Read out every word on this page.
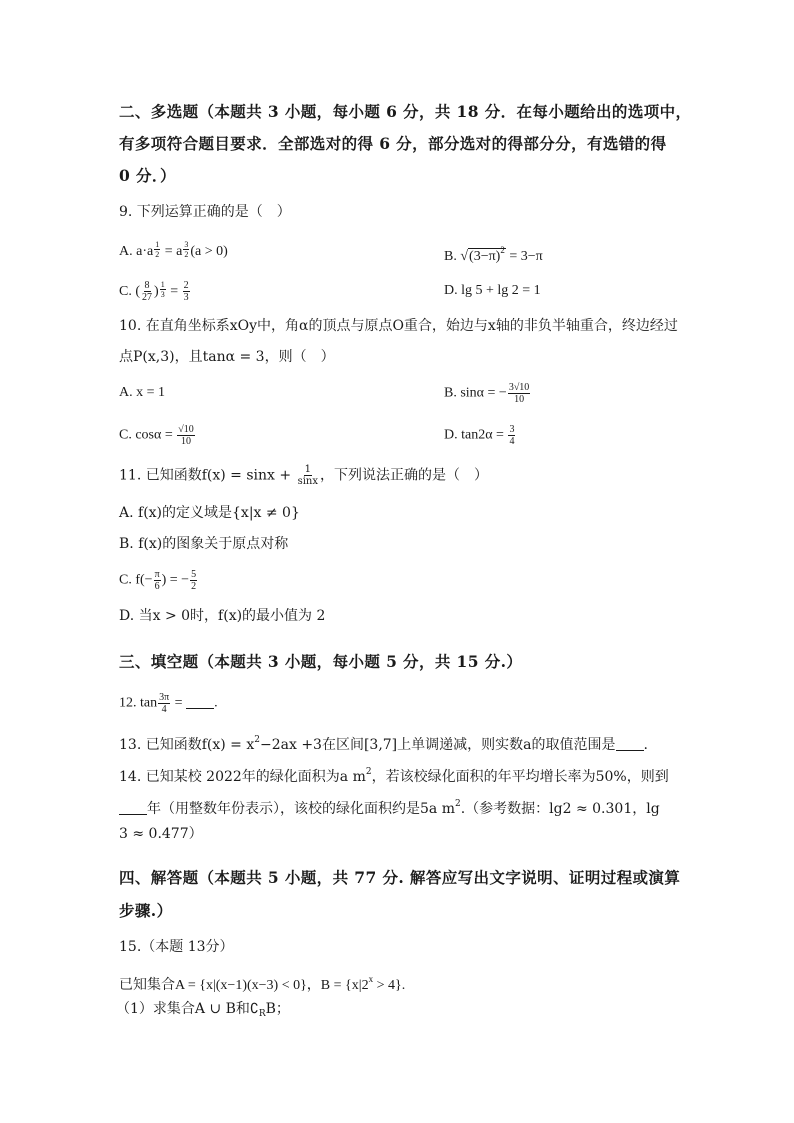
二、多选题（本题共 3 小题，每小题 6 分，共 18 分．在每小题给出的选项中，
有多项符合题目要求．全部选对的得 6 分，部分选对的得部分分，有选错的得
0 分．）
9. 下列运算正确的是（　）
A. $a\cdot a \frac{1}{2} = a \frac{3}{2} (a > 0)$	B. $√(3-\pi)^2 = 3-\pi$
C. ( $\frac{8}{27}$ ) $\frac{1}{3} = \frac{2}{3}$	D. lg 5 + lg 2 = 1
10. 在直角坐标系xOy中，角α的顶点与原点O重合，始边与x轴的非负半轴重合，终边经过
点P(x,3)，且tanα = 3，则（　）
A. x = 1	B. sinα = − $\frac{3√10}{10}$
C. $\cos\alpha = \frac{√10}{10}$	D. $\tan 2\alpha = \frac{3}{4}$
11. 已知函数$f(x) = \sin x + \frac{1}{\sin x}$ ，下列说法正确的是（　）
A. f(x)的定义域是{x|x ≠ 0}
B. f(x)的图象关于原点对称
C. $f(- \frac{\pi}{6}$ ) = − $\frac{5}{2}$
D. 当x > 0时，f(x)的最小值为 2
三、填空题（本题共 3 小题，每小题 5 分，共 15 分.）
12. $\tan \frac{3\pi}{4}$ = .
13. 已知函数$f(x) = x^2-2ax +3$在区间[3,7]上单调递减，则实数a的取值范围是 .
14. 已知某校 2022年的绿化面积为a $m^2$，若该校绿化面积的年平均增长率为50%，则到
年（用整数年份表示），该校的绿化面积约是5a $m^2$.（参考数据：lg2 ≈ 0.301，lg
3 ≈ 0.477）
四、解答题（本题共 5 小题，共 77 分. 解答应写出文字说明、证明过程或演算
步骤.）
15.（本题 13分）
已知集合A = {x|(x−1)(x−3) < 0}，$B = \{x|2^x > 4\}$.
（1）求集合A ∪ B和$∁_RB$；
